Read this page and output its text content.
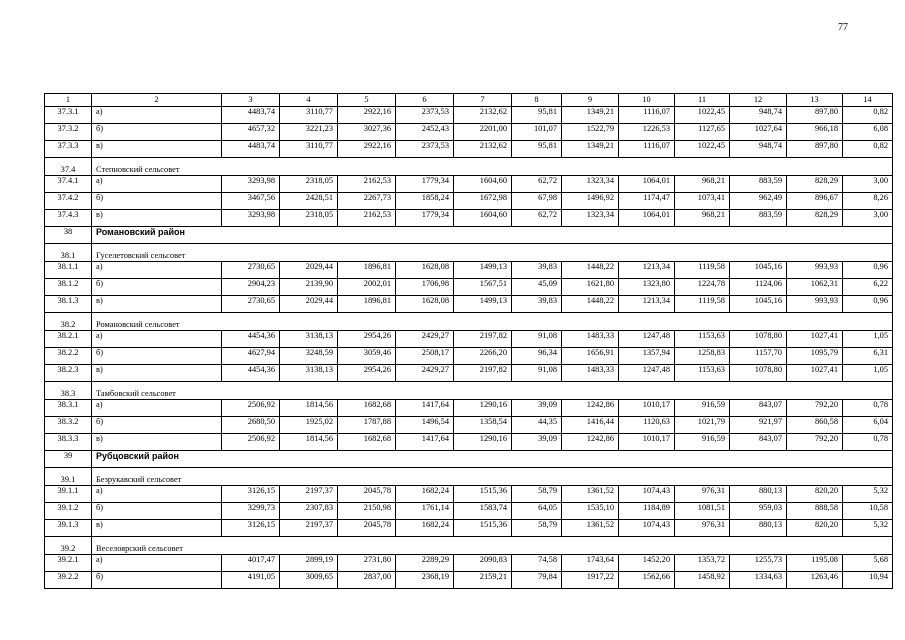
77
1	2	3	4	5	6	7	8	9	10	11	12	13	14
37.3.1	а)	4483,74	3110,77	2922,16	2373,53	2132,62	95,81	1349,21	1116,07	1022,45	948,74	897,80	0,82
37.3.2	б)	4657,32	3221,23	3027,36	2452,43	2201,00	101,07	1522,79	1226,53	1127,65	1027,64	966,18	6,08
37.3.3	в)	4483,74	3110,77	2922,16	2373,53	2132,62	95,81	1349,21	1116,07	1022,45	948,74	897,80	0,82
37.4	Степновский сельсовет												
37.4.1	а)	3293,98	2318,05	2162,53	1779,34	1604,60	62,72	1323,34	1064,01	968,21	883,59	828,29	3,00
37.4.2	б)	3467,56	2428,51	2267,73	1858,24	1672,98	67,98	1496,92	1174,47	1073,41	962,49	896,67	8,26
37.4.3	в)	3293,98	2318,05	2162,53	1779,34	1604,60	62,72	1323,34	1064,01	968,21	883,59	828,29	3,00
38	Романовский район												
38.1	Гуселетовский сельсовет												
38.1.1	а)	2730,65	2029,44	1896,81	1628,08	1499,13	39,83	1448,22	1213,34	1119,58	1045,16	993,93	0,96
38.1.2	б)	2904,23	2139,90	2002,01	1706,98	1567,51	45,09	1621,80	1323,80	1224,78	1124,06	1062,31	6,22
38.1.3	в)	2730,65	2029,44	1896,81	1628,08	1499,13	39,83	1448,22	1213,34	1119,58	1045,16	993,93	0,96
38.2	Романовский сельсовет												
38.2.1	а)	4454,36	3138,13	2954,26	2429,27	2197,82	91,08	1483,33	1247,48	1153,63	1078,80	1027,41	1,05
38.2.2	б)	4627,94	3248,59	3059,46	2508,17	2266,20	96,34	1656,91	1357,94	1258,83	1157,70	1095,79	6,31
38.2.3	в)	4454,36	3138,13	2954,26	2429,27	2197,82	91,08	1483,33	1247,48	1153,63	1078,80	1027,41	1,05
38.3	Тамбовский сельсовет												
38.3.1	а)	2506,92	1814,56	1682,68	1417,64	1290,16	39,09	1242,86	1010,17	916,59	843,07	792,20	0,78
38.3.2	б)	2680,50	1925,02	1787,88	1496,54	1358,54	44,35	1416,44	1120,63	1021,79	921,97	860,58	6,04
38.3.3	в)	2506,92	1814,56	1682,68	1417,64	1290,16	39,09	1242,86	1010,17	916,59	843,07	792,20	0,78
39	Рубцовский район												
39.1	Безрукавский сельсовет												
39.1.1	а)	3126,15	2197,37	2045,78	1682,24	1515,36	58,79	1361,52	1074,43	976,31	880,13	820,20	5,32
39.1.2	б)	3299,73	2307,83	2150,98	1761,14	1583,74	64,05	1535,10	1184,89	1081,51	959,03	888,58	10,58
39.1.3	в)	3126,15	2197,37	2045,78	1682,24	1515,36	58,79	1361,52	1074,43	976,31	880,13	820,20	5,32
39.2	Веселоярский сельсовет												
39.2.1	а)	4017,47	2899,19	2731,80	2289,29	2090,83	74,58	1743,64	1452,20	1353,72	1255,73	1195,08	5,68
39.2.2	б)	4191,05	3009,65	2837,00	2368,19	2159,21	79,84	1917,22	1562,66	1458,92	1334,63	1263,46	10,94
